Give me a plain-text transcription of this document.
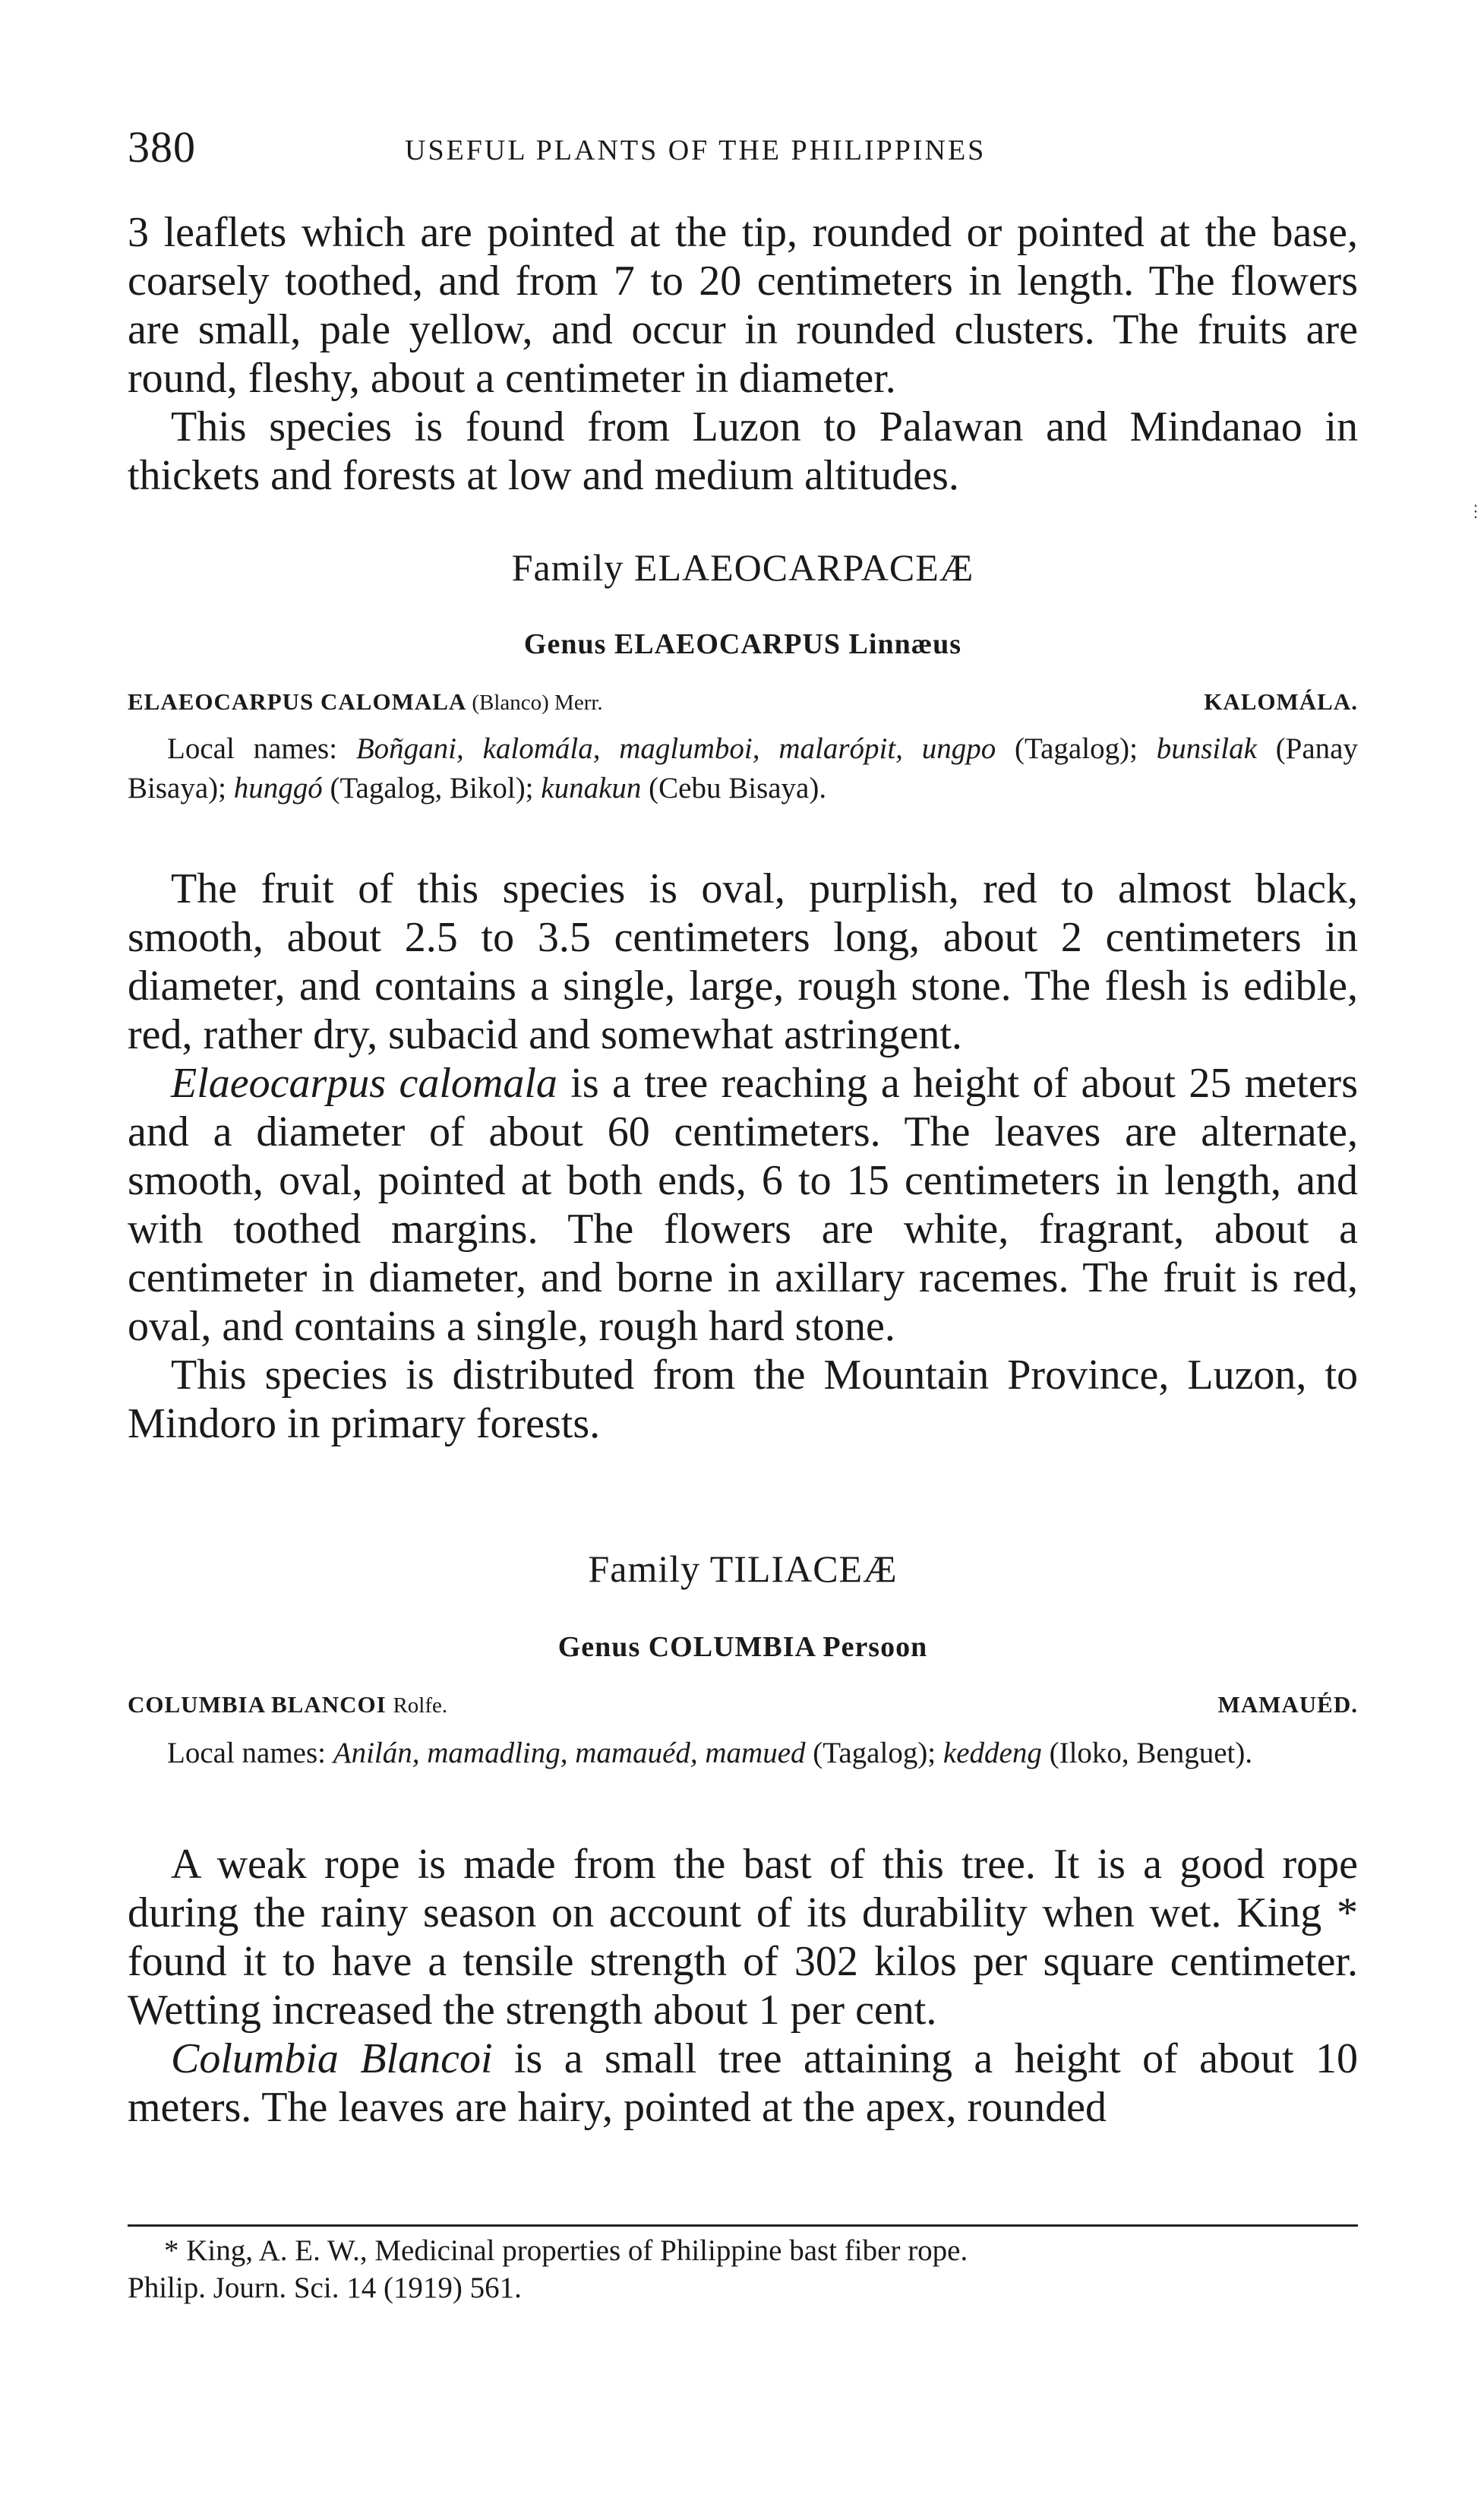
380	USEFUL PLANTS OF THE PHILIPPINES
⋮

3 leaflets which are pointed at the tip, rounded or pointed at the base, coarsely toothed, and from 7 to 20 centimeters in length. The flowers are small, pale yellow, and occur in rounded clusters. The fruits are round, fleshy, about a centimeter in diameter.

This species is found from Luzon to Palawan and Mindanao in thickets and forests at low and medium altitudes.

Family ELAEOCARPACEÆ
Genus ELAEOCARPUS Linnæus
ELAEOCARPUS CALOMALA (Blanco) Merr.	KALOMÁLA.

Local names: Boñgani, kalomála, maglumboi, malarópit, ungpo (Tagalog); bunsilak (Panay Bisaya); hunggó (Tagalog, Bikol); kunakun (Cebu Bisaya).

The fruit of this species is oval, purplish, red to almost black, smooth, about 2.5 to 3.5 centimeters long, about 2 centimeters in diameter, and contains a single, large, rough stone. The flesh is edible, red, rather dry, subacid and somewhat astringent.

Elaeocarpus calomala is a tree reaching a height of about 25 meters and a diameter of about 60 centimeters. The leaves are alternate, smooth, oval, pointed at both ends, 6 to 15 centimeters in length, and with toothed margins. The flowers are white, fragrant, about a centimeter in diameter, and borne in axillary racemes. The fruit is red, oval, and contains a single, rough hard stone.

This species is distributed from the Mountain Province, Luzon, to Mindoro in primary forests.

Family TILIACEÆ
Genus COLUMBIA Persoon
COLUMBIA BLANCOI Rolfe.	MAMAUÉD.

Local names: Anilán, mamadling, mamauéd, mamued (Tagalog); keddeng (Iloko, Benguet).

A weak rope is made from the bast of this tree. It is a good rope during the rainy season on account of its durability when wet. King * found it to have a tensile strength of 302 kilos per square centimeter. Wetting increased the strength about 1 per cent.

Columbia Blancoi is a small tree attaining a height of about 10 meters. The leaves are hairy, pointed at the apex, rounded

* King, A. E. W., Medicinal properties of Philippine bast fiber rope.
Philip. Journ. Sci. 14 (1919) 561.
